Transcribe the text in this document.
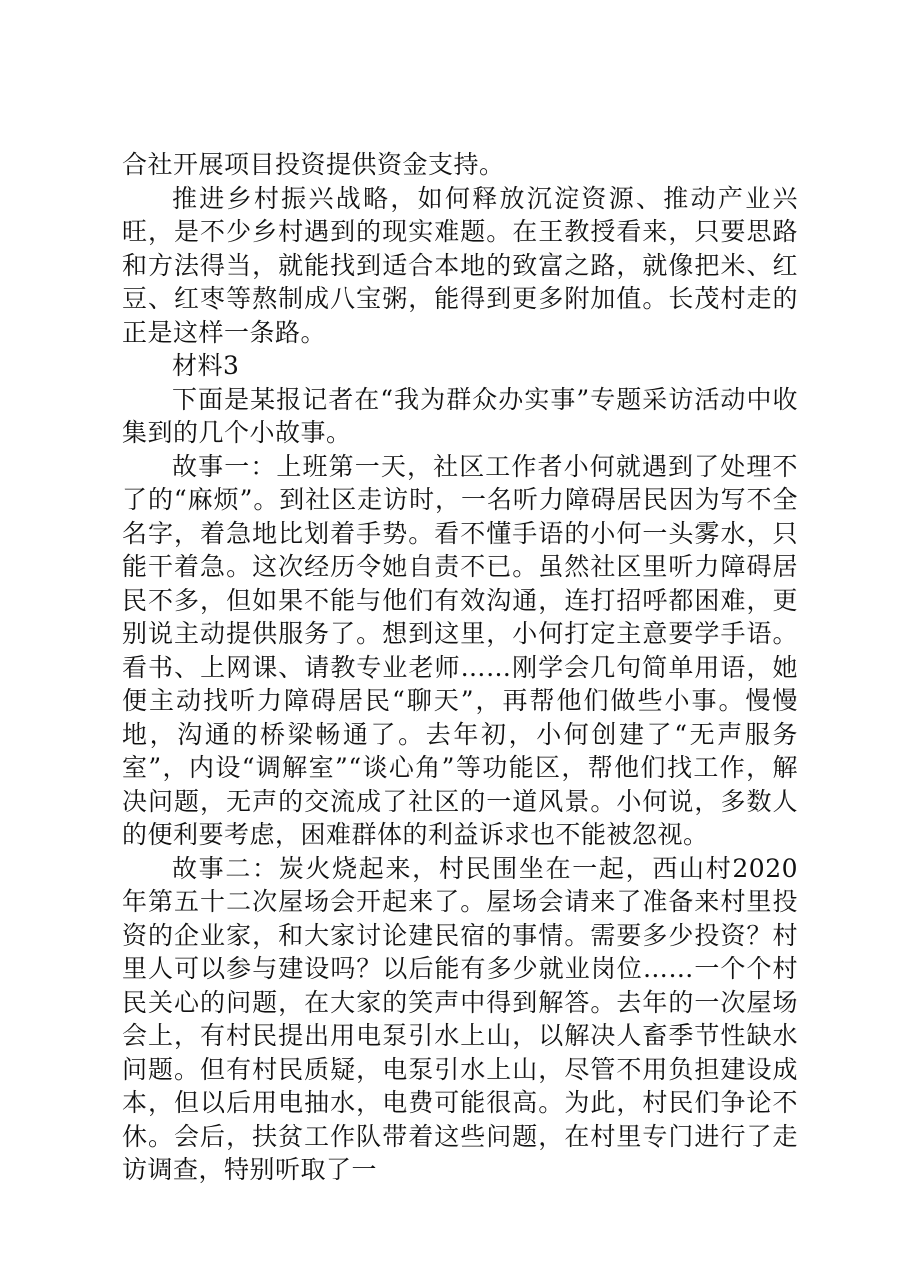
合社开展项目投资提供资金支持。

推进乡村振兴战略，如何释放沉淀资源、推动产业兴旺，是不少乡村遇到的现实难题。在王教授看来，只要思路和方法得当，就能找到适合本地的致富之路，就像把米、红豆、红枣等熬制成八宝粥，能得到更多附加值。长茂村走的正是这样一条路。

材料3

下面是某报记者在“我为群众办实事”专题采访活动中收集到的几个小故事。

故事一：上班第一天，社区工作者小何就遇到了处理不了的“麻烦”。到社区走访时，一名听力障碍居民因为写不全名字，着急地比划着手势。看不懂手语的小何一头雾水，只能干着急。这次经历令她自责不已。虽然社区里听力障碍居民不多，但如果不能与他们有效沟通，连打招呼都困难，更别说主动提供服务了。想到这里，小何打定主意要学手语。看书、上网课、请教专业老师……刚学会几句简单用语，她便主动找听力障碍居民“聊天”，再帮他们做些小事。慢慢地，沟通的桥梁畅通了。去年初，小何创建了“无声服务室”，内设“调解室”“谈心角”等功能区，帮他们找工作，解决问题，无声的交流成了社区的一道风景。小何说，多数人的便利要考虑，困难群体的利益诉求也不能被忽视。

故事二：炭火烧起来，村民围坐在一起，西山村2020年第五十二次屋场会开起来了。屋场会请来了准备来村里投资的企业家，和大家讨论建民宿的事情。需要多少投资？村里人可以参与建设吗？以后能有多少就业岗位……一个个村民关心的问题，在大家的笑声中得到解答。去年的一次屋场会上，有村民提出用电泵引水上山，以解决人畜季节性缺水问题。但有村民质疑，电泵引水上山，尽管不用负担建设成本，但以后用电抽水，电费可能很高。为此，村民们争论不休。会后，扶贫工作队带着这些问题，在村里专门进行了走访调查，特别听取了一
